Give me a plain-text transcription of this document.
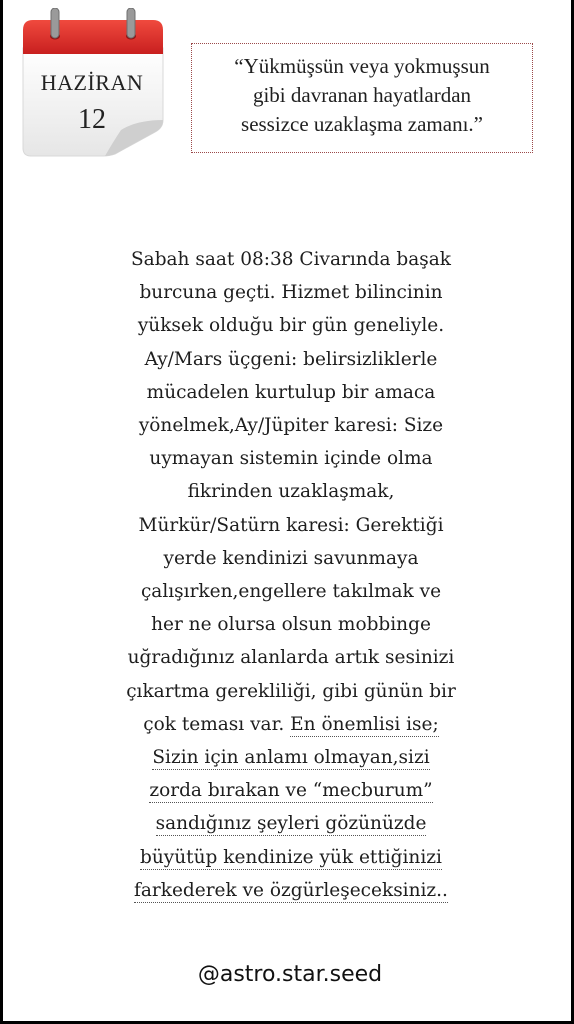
HAZİRAN
12
“Yükmüşsün veya yokmuşsun
gibi davranan hayatlardan
sessizce uzaklaşma zamanı.”
Sabah saat 08:38 Civarında başak
burcuna geçti. Hizmet bilincinin
yüksek olduğu bir gün geneliyle.
Ay/Mars üçgeni: belirsizliklerle
mücadelen kurtulup bir amaca
yönelmek,Ay/Jüpiter karesi: Size
uymayan sistemin içinde olma
fikrinden uzaklaşmak,
Mürkür/Satürn karesi: Gerektiği
yerde kendinizi savunmaya
çalışırken,engellere takılmak ve
her ne olursa olsun mobbinge
uğradığınız alanlarda artık sesinizi
çıkartma gerekliliği, gibi günün bir
çok teması var. En önemlisi ise;
Sizin için anlamı olmayan,sizi
zorda bırakan ve “mecburum”
sandığınız şeyleri gözünüzde
büyütüp kendinize yük ettiğinizi
farkederek ve özgürleşeceksiniz..
@astro.star.seed
